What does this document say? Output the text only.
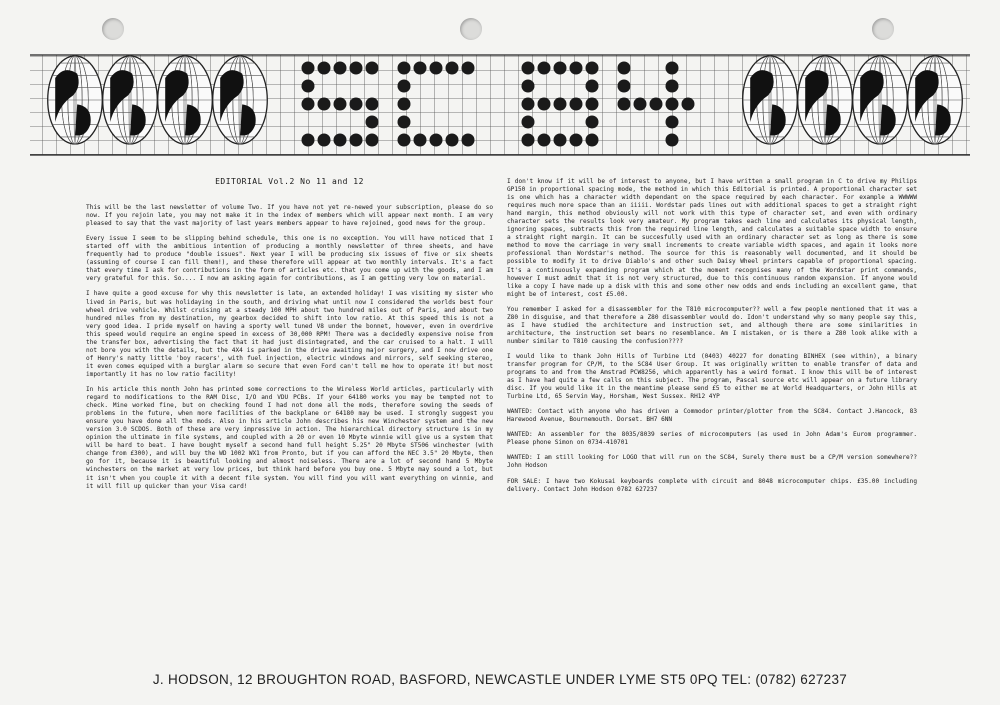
EDITORIAL Vol.2 No 11 and 12

This will be the last newsletter of volume Two. If you have not yet re-newed your subscription, please do so now. If you rejoin late, you may not make it in the index of members which will appear next month. I am very pleased to say that the vast majority of last years members appear to have rejoined, good news for the group.

Every issue I seem to be slipping behind schedule, this one is no exception. You will have noticed that I started off with the ambitious intention of producing a monthly newsletter of three sheets, and have frequently had to produce "double issues". Next year I will be producing six issues of five or six sheets (assuming of course I can fill them!), and these therefore will appear at two monthly intervals. It's a fact that every time I ask for contributions in the form of articles etc. that you come up with the goods, and I am very grateful for this. So.... I now am asking again for contributions, as I am getting very low on material.

I have quite a good excuse for why this newsletter is late, an extended holiday! I was visiting my sister who lived in Paris, but was holidaying in the south, and driving what until now I considered the worlds best four wheel drive vehicle. Whilst cruising at a steady 100 MPH about two hundred miles out of Paris, and about two hundred miles from my destination, my gearbox decided to shift into low ratio. At this speed this is not a very good idea. I pride myself on having a sporty well tuned V8 under the bonnet, however, even in overdrive this speed would require an engine speed in excess of 30,000 RPM! There was a decidedly expensive noise from the transfer box, advertising the fact that it had just disintegrated, and the car cruised to a halt. I will not bore you with the details, but the 4X4 is parked in the drive awaiting major surgery, and I now drive one of Henry's natty little 'boy racers', with fuel injection, electric windows and mirrors, self seeking stereo, it even comes equiped with a burglar alarm so secure that even Ford can't tell me how to operate it! but most importantly it has no low ratio facility!

In his article this month John has printed some corrections to the Wireless World articles, particularly with regard to modifications to the RAM Disc, I/O and VDU PCBs. If your 64180 works you may be tempted not to check. Mine worked fine, but on checking found I had not done all the mods, therefore sowing the seeds of problems in the future, when more facilities of the backplane or 64180 may be used. I strongly suggest you ensure you have done all the mods. Also in his article John describes his new Winchester system and the new version 3.0 SCDOS. Both of these are very impressive in action. The hierarchical directory structure is in my opinion the ultimate in file systems, and coupled with a 20 or even 10 Mbyte winnie will give us a system that will be hard to beat. I have bought myself a second hand full height 5.25" 20 Mbyte ST506 winchester (with change from £300), and will buy the WD 1002 WX1 from Pronto, but if you can afford the NEC 3.5" 20 Mbyte, then go for it, because it is beautiful looking and almost noiseless. There are a lot of second hand 5 Mbyte winchesters on the market at very low prices, but think hard before you buy one. 5 Mbyte may sound a lot, but it isn't when you couple it with a decent file system. You will find you will want everything on winnie, and it will fill up quicker than your Visa card!

I don't know if it will be of interest to anyone, but I have written a small program in C to drive my Philips GP150 in proportional spacing mode, the method in which this Editorial is printed. A proportional character set is one which has a character width dependant on the space required by each character. For example a WWWWW requires much more space than an iiiii. Wordstar pads lines out with additional spaces to get a straight right hand margin, this method obviously will not work with this type of character set, and even with ordinary character sets the results look very amateur. My program takes each line and calculates its physical length, ignoring spaces, subtracts this from the required line length, and calculates a suitable space width to ensure a straight right margin. It can be succesfully used with an ordinary character set as long as there is some method to move the carriage in very small increments to create variable width spaces, and again it looks more professional than Wordstar's method. The source for this is reasonably well documented, and it should be possible to modify it to drive Diablo's and other such Daisy Wheel printers capable of proportional spacing. It's a continuously expanding program which at the moment recognises many of the Wordstar print commands, however I must admit that it is not very structured, due to this continuous random expansion. If anyone would like a copy I have made up a disk with this and some other new odds and ends including an excellent game, that might be of interest, cost £5.00.

You remember I asked for a disassembler for the T810 microcomputer?? well a few people mentioned that it was a Z80 in disguise, and that therefore a Z80 disassembler would do. Idon't understand why so many people say this, as I have studied the architecture and instruction set, and although there are some similarities in architecture, the instruction set bears no resemblance. Am I mistaken, or is there a Z80 look alike with a number similar to T810 causing the confusion????

I would like to thank John Hills of Turbine Ltd (0403) 40227 for donating BINHEX (see within), a binary transfer program for CP/M, to the SC84 User Group. It was originally written to enable transfer of data and programs to and from the Amstrad PCW8256, which apparently has a weird format. I know this will be of interest as I have had quite a few calls on this subject. The program, Pascal source etc will appear on a future library disc. If you would like it in the meantime please send £5 to either me at World Headquarters, or John Hills at Turbine Ltd, 65 Servin Way, Horsham, West Sussex. RH12 4YP

WANTED: Contact with anyone who has driven a Commodor printer/plotter from the SC84. Contact J.Hancock, 83 Harewood Avenue, Bournemouth. Dorset. BH7 6NN

WANTED: An assembler for the 8035/8039 series of microcomputers (as used in John Adam's Eurom programmer. Please phone Simon on 0734-410701

WANTED: I am still looking for LOGO that will run on the SC84, Surely there must be a CP/M version somewhere?? John Hodson

FOR SALE: I have two Kokusai keyboards complete with circuit and 8048 microcomputer chips. £35.00 including delivery. Contact John Hodson 0782 627237

J. HODSON, 12 BROUGHTON ROAD, BASFORD, NEWCASTLE UNDER LYME ST5 0PQ TEL: (0782) 627237
